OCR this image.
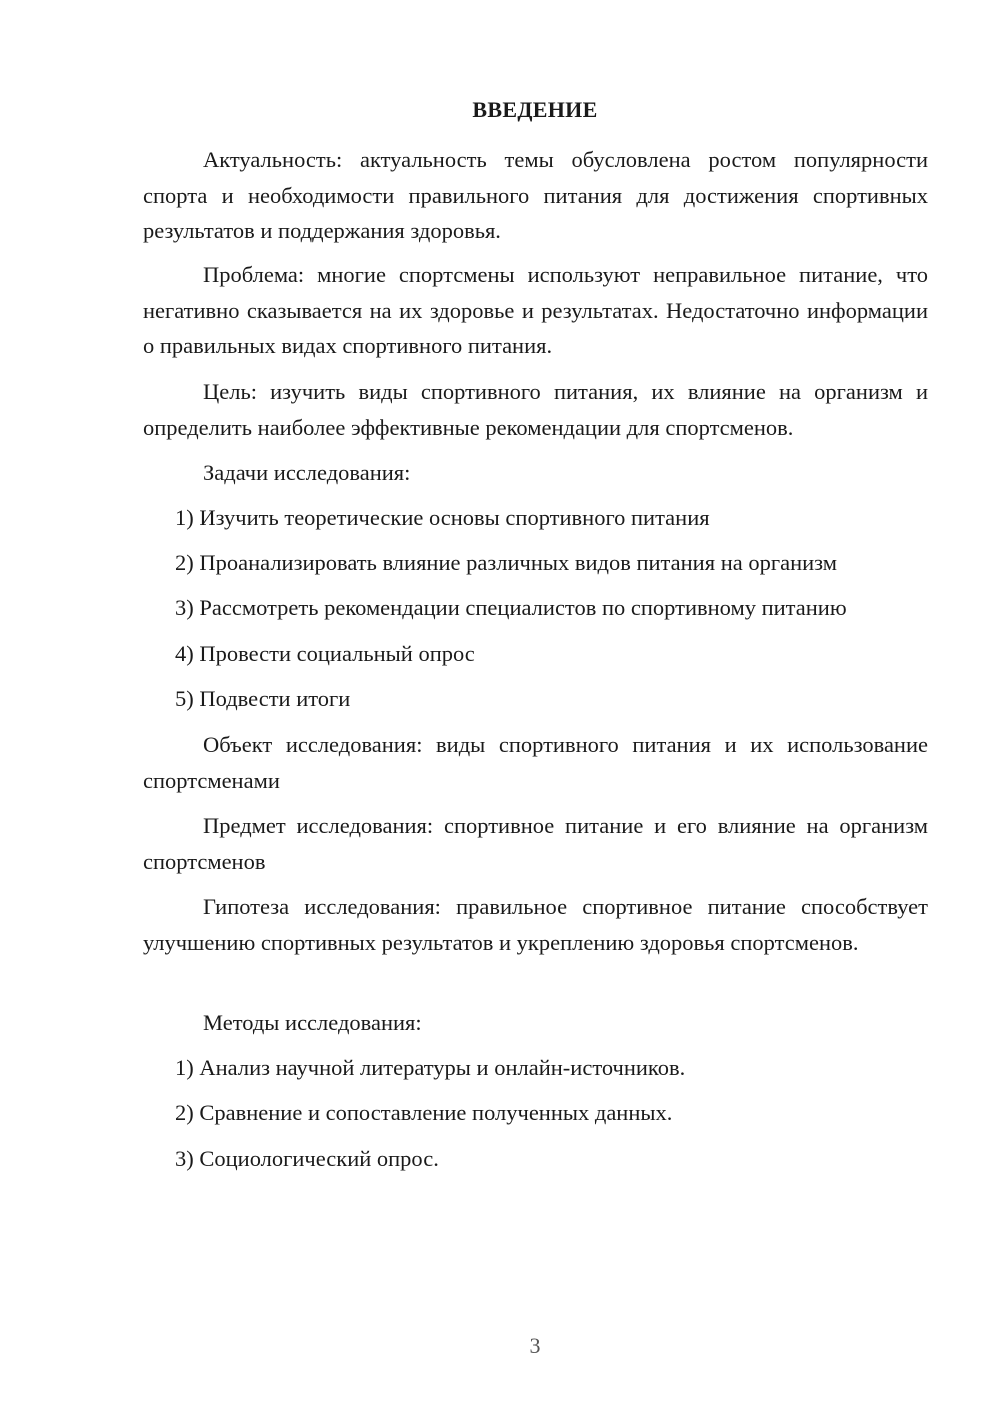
ВВЕДЕНИЕ

Актуальность: актуальность темы обусловлена ростом популярности спорта и необходимости правильного питания для достижения спортивных результатов и поддержания здоровья.

Проблема: многие спортсмены используют неправильное питание, что негативно сказывается на их здоровье и результатах. Недостаточно информации о правильных видах спортивного питания.

Цель: изучить виды спортивного питания, их влияние на организм и определить наиболее эффективные рекомендации для спортсменов.

Задачи исследования:
1) Изучить теоретические основы спортивного питания
2) Проанализировать влияние различных видов питания на организм
3) Рассмотреть рекомендации специалистов по спортивному питанию
4) Провести социальный опрос
5) Подвести итоги

Объект исследования: виды спортивного питания и их использование спортсменами

Предмет исследования: спортивное питание и его влияние на организм спортсменов

Гипотеза исследования: правильное спортивное питание способствует улучшению спортивных результатов и укреплению здоровья спортсменов.

Методы исследования:
1) Анализ научной литературы и онлайн-источников.
2) Сравнение и сопоставление полученных данных.
3) Социологический опрос.
3
